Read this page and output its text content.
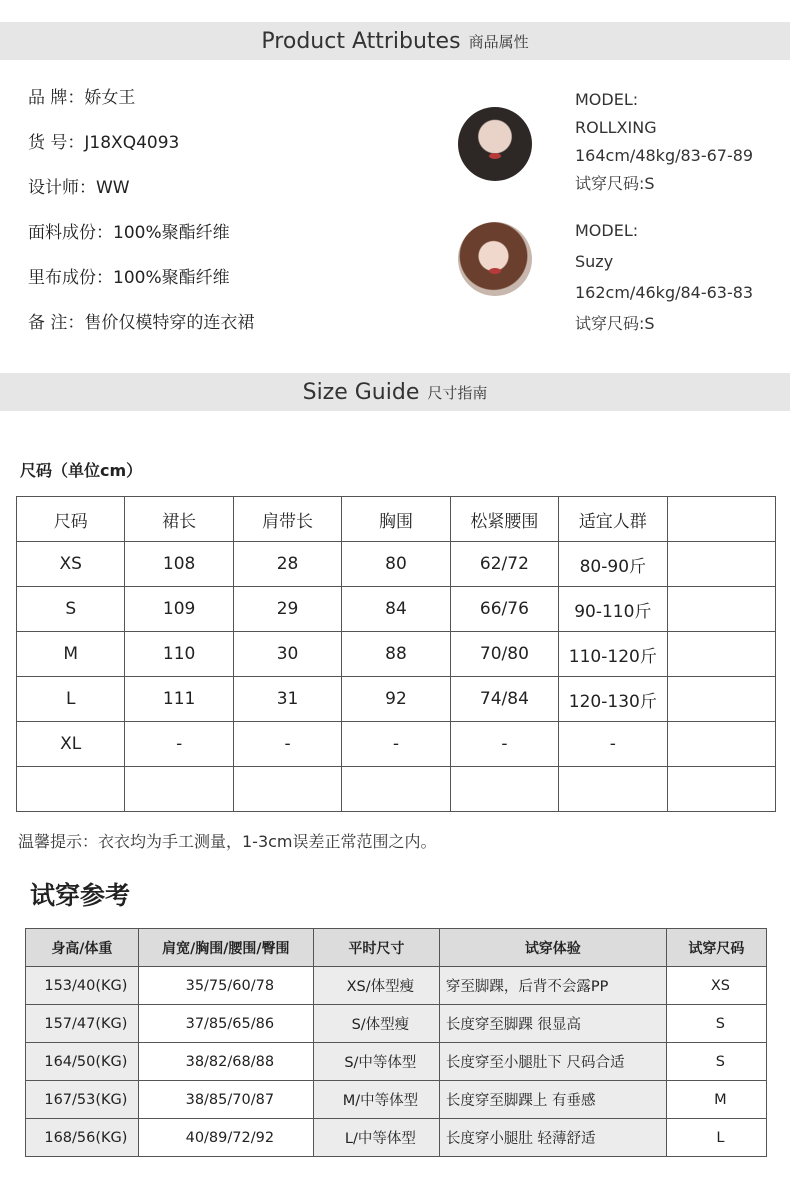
Product Attributes 商品属性
品 牌：娇女王
货 号：J18XQ4093
设计师：WW
面料成份：100%聚酯纤维
里布成份：100%聚酯纤维
备 注：售价仅模特穿的连衣裙
MODEL:
ROLLXING
164cm/48kg/83-67-89
试穿尺码:S
MODEL:
Suzy
162cm/46kg/84-63-83
试穿尺码:S
Size Guide 尺寸指南
尺码（单位cm）
尺码	裙长	肩带长	胸围	松紧腰围	适宜人群	
XS	108	28	80	62/72	80-90斤	
S	109	29	84	66/76	90-110斤	
M	110	30	88	70/80	110-120斤	
L	111	31	92	74/84	120-130斤	
XL	-	-	-	-	-	

温馨提示：衣衣均为手工测量，1-3cm误差正常范围之内。
试穿参考
身高/体重	肩宽/胸围/腰围/臀围	平时尺寸	试穿体验	试穿尺码
153/40(KG)	35/75/60/78	XS/体型瘦	穿至脚踝，后背不会露PP	XS
157/47(KG)	37/85/65/86	S/体型瘦	长度穿至脚踝 很显高	S
164/50(KG)	38/82/68/88	S/中等体型	长度穿至小腿肚下 尺码合适	S
167/53(KG)	38/85/70/87	M/中等体型	长度穿至脚踝上 有垂感	M
168/56(KG)	40/89/72/92	L/中等体型	长度穿小腿肚 轻薄舒适	L
